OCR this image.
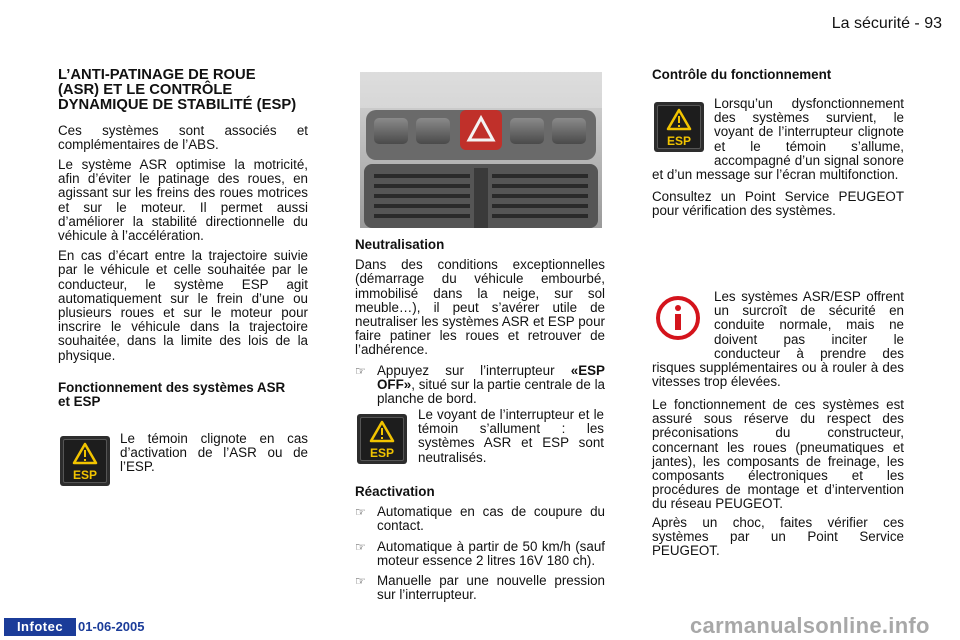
La sécurité - 93
L’ANTI-PATINAGE DE ROUE (ASR) ET LE CONTRÔLE DYNAMIQUE DE STABILITÉ (ESP)

Ces systèmes sont associés et complémentaires de l’ABS.

Le système ASR optimise la motricité, afin d’éviter le patinage des roues, en agissant sur les freins des roues motrices et sur le moteur. Il permet aussi d’améliorer la stabilité directionnelle du véhicule à l’accélération.

En cas d’écart entre la trajectoire suivie par le véhicule et celle souhaitée par le conducteur, le système ESP agit automatiquement sur le frein d’une ou plusieurs roues et sur le moteur pour inscrire le véhicule dans la trajectoire souhaitée, dans la limite des lois de la physique.

Fonctionnement des systèmes ASR et ESP
ESP
Le témoin clignote en cas d’activation de l’ASR ou de l’ESP.
Neutralisation

Dans des conditions exceptionnelles (démarrage du véhicule embourbé, immobilisé dans la neige, sur sol meuble…), il peut s’avérer utile de neutraliser les systèmes ASR et ESP pour faire patiner les roues et retrouver de l’adhérence.

☞ Appuyez sur l’interrupteur «ESP OFF», situé sur la partie centrale de la planche de bord.
ESP
Le voyant de l’interrupteur et le témoin s’allument : les systèmes ASR et ESP sont neutralisés.
Réactivation
☞ Automatique en cas de coupure du contact.
☞ Automatique à partir de 50 km/h (sauf moteur essence 2 litres 16V 180 ch).
☞ Manuelle par une nouvelle pression sur l’interrupteur.
Contrôle du fonctionnement
ESP
Lorsqu’un dysfonctionnement des systèmes survient, le voyant de l’interrupteur clignote et le témoin s’allume, accompagné d’un signal sonore et d’un message sur l’écran multifonction.
Consultez un Point Service PEUGEOT pour vérification des systèmes.
Les systèmes ASR/ESP offrent un surcroît de sécurité en conduite normale, mais ne doivent pas inciter le conducteur à prendre des risques supplémentaires ou à rouler à des vitesses trop élevées.
Le fonctionnement de ces systèmes est assuré sous réserve du respect des préconisations du constructeur, concernant les roues (pneumatiques et jantes), les composants de freinage, les composants électroniques et les procédures de montage et d’intervention du réseau PEUGEOT.
Après un choc, faites vérifier ces systèmes par un Point Service PEUGEOT.
Infotec	01-06-2005	carmanualsonline.info
